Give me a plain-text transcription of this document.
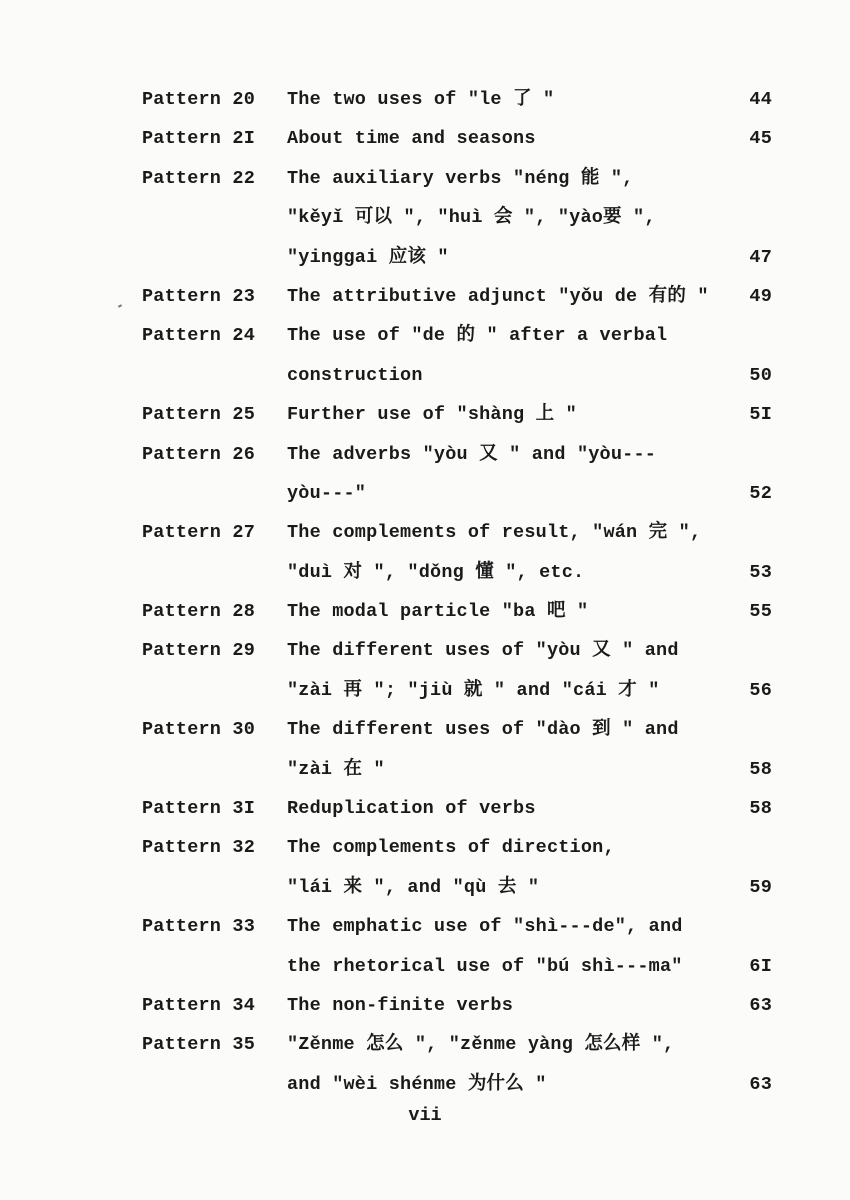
Pattern 20 The two uses of "le 了 "	44
Pattern 2I About time and seasons	45
Pattern 22 The auxiliary verbs "néng 能 ",
"kěyǐ 可以 ", "huì 会 ", "yào要 ",
"yinggai 应该 "	47
Pattern 23 The attributive adjunct "yǒu de 有的 " 49
Pattern 24 The use of "de 的 " after a verbal
construction	50
Pattern 25 Further use of "shàng 上 "	5I
Pattern 26 The adverbs "yòu 又 " and "yòu---
yòu---"	52
Pattern 27 The complements of result, "wán 完 ",
"duì 对 ", "dǒng 懂 ", etc.	53
Pattern 28 The modal particle "ba 吧 "	55
Pattern 29 The different uses of "yòu 又 " and
"zài 再 "; "jiù 就 " and "cái 才 "	56
Pattern 30 The different uses of "dào 到 " and
"zài 在 "	58
Pattern 3I Reduplication of verbs	58
Pattern 32 The complements of direction,
"lái 来 ", and "qù 去 "	59
Pattern 33 The emphatic use of "shì---de", and
the rhetorical use of "bú shì---ma"	6I
Pattern 34 The non-finite verbs	63
Pattern 35 "Zěnme 怎么 ", "zěnme yàng 怎么样 ",
and "wèi shénme 为什么 "	63
vii
